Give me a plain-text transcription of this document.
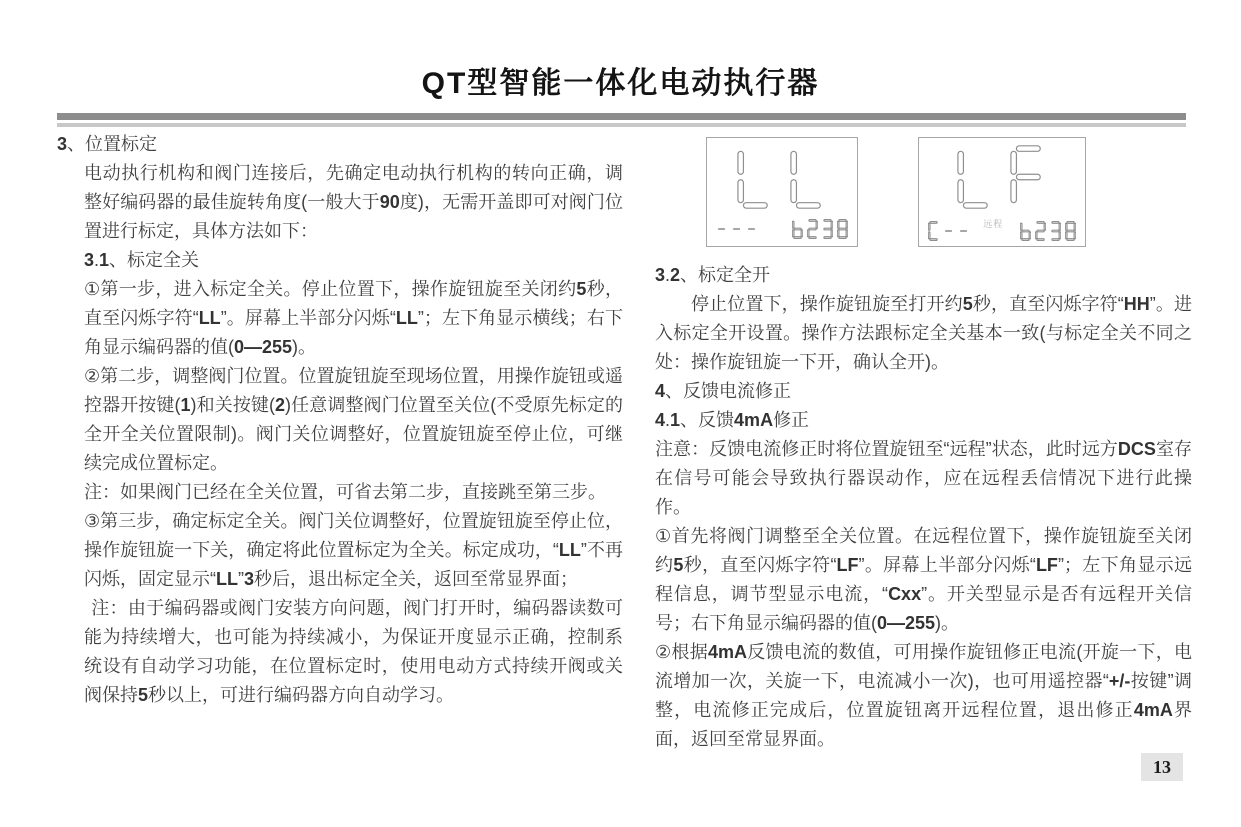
QT型智能一体化电动执行器

3、位置标定

电动执行机构和阀门连接后，先确定电动执行机构的转向正确，调整好编码器的最佳旋转角度(一般大于90度)，无需开盖即可对阀门位置进行标定，具体方法如下：

3.1、标定全关

①第一步，进入标定全关。停止位置下，操作旋钮旋至关闭约5秒，直至闪烁字符“LL”。屏幕上半部分闪烁“LL”；左下角显示横线；右下角显示编码器的值(0—255)。

②第二步，调整阀门位置。位置旋钮旋至现场位置，用操作旋钮或遥控器开按键(1)和关按键(2)任意调整阀门位置至关位(不受原先标定的全开全关位置限制)。阀门关位调整好，位置旋钮旋至停止位，可继续完成位置标定。

注：如果阀门已经在全关位置，可省去第二步，直接跳至第三步。

③第三步，确定标定全关。阀门关位调整好，位置旋钮旋至停止位，操作旋钮旋一下关，确定将此位置标定为全关。标定成功，“LL”不再闪烁，固定显示“LL”3秒后，退出标定全关，返回至常显界面；

注：由于编码器或阀门安装方向问题，阀门打开时，编码器读数可能为持续增大，也可能为持续减小，为保证开度显示正确，控制系统设有自动学习功能，在位置标定时，使用电动方式持续开阀或关阀保持5秒以上，可进行编码器方向自动学习。

远程

3.2、标定全开

停止位置下，操作旋钮旋至打开约5秒，直至闪烁字符“HH”。进入标定全开设置。操作方法跟标定全关基本一致(与标定全关不同之处：操作旋钮旋一下开，确认全开)。

4、反馈电流修正

4.1、反馈4mA修正

注意：反馈电流修正时将位置旋钮至“远程”状态，此时远方DCS室存在信号可能会导致执行器误动作，应在远程丢信情况下进行此操作。

①首先将阀门调整至全关位置。在远程位置下，操作旋钮旋至关闭约5秒，直至闪烁字符“LF”。屏幕上半部分闪烁“LF”；左下角显示远程信息，调节型显示电流，“Cxx”。开关型显示是否有远程开关信号；右下角显示编码器的值(0—255)。

②根据4mA反馈电流的数值，可用操作旋钮修正电流(开旋一下，电流增加一次，关旋一下，电流减小一次)，也可用遥控器“+/-按键”调整，电流修正完成后，位置旋钮离开远程位置，退出修正4mA界面，返回至常显界面。

13
